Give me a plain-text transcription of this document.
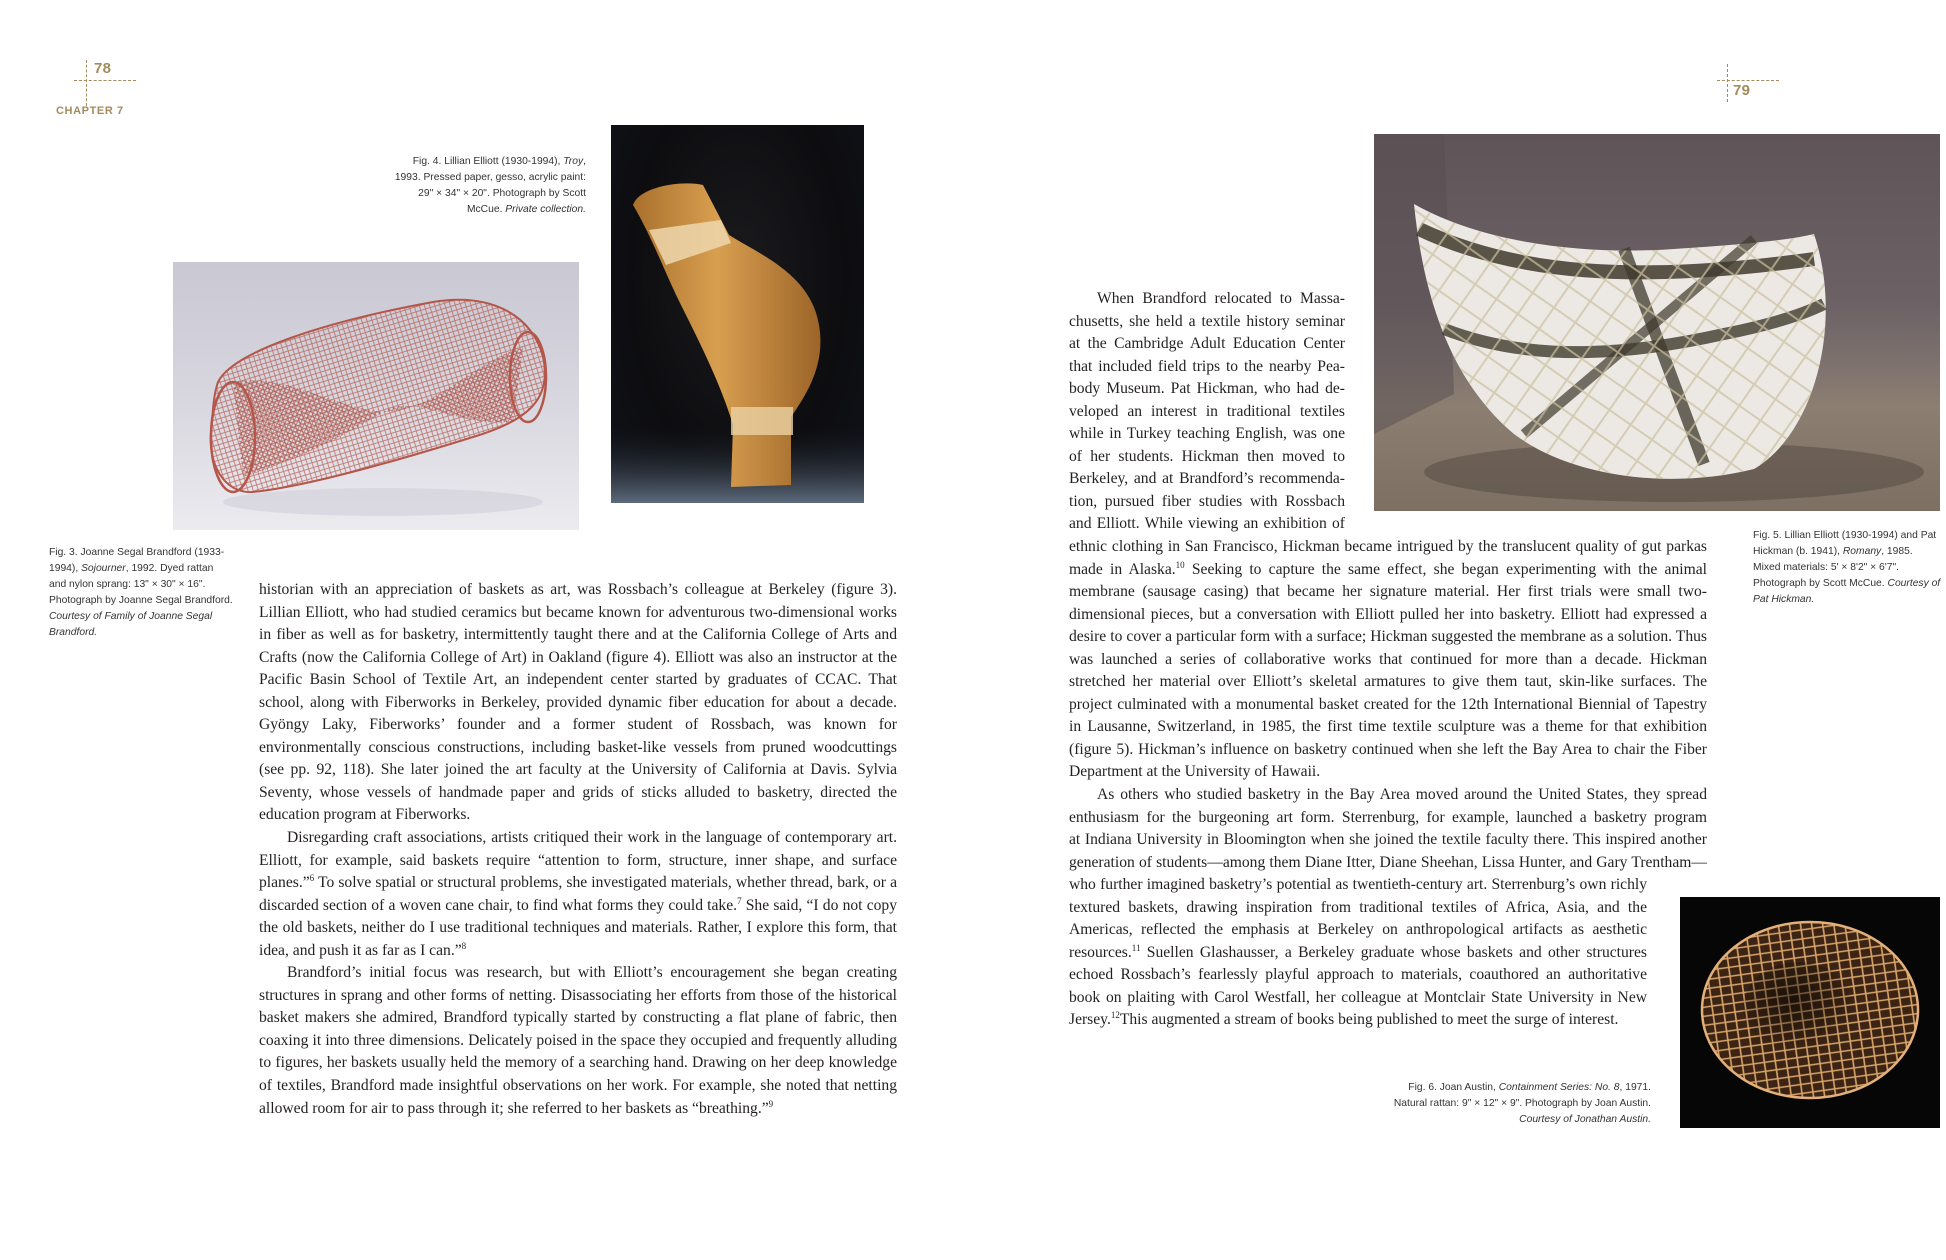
78
CHAPTER 7
Fig. 4. Lillian Elliott (1930-1994), Troy, 1993. Pressed paper, gesso, acrylic paint: 29" × 34" × 20". Photograph by Scott McCue. Private collection.
Fig. 3. Joanne Segal Brandford (1933-1994), Sojourner, 1992. Dyed rattan and nylon sprang: 13" × 30" × 16". Photograph by Joanne Segal Brandford. Courtesy of Family of Joanne Segal Brandford.

historian with an appreciation of baskets as art, was Rossbach’s colleague at Berkeley (figure 3). Lillian Elliott, who had studied ceramics but became known for adventurous two-dimensional works in fiber as well as for basketry, intermittently taught there and at the California College of Arts and Crafts (now the California College of Art) in Oakland (figure 4). Elliott was also an instructor at the Pacific Basin School of Textile Art, an independent center started by graduates of CCAC. That school, along with Fiberworks in Berkeley, provided dynamic fiber education for about a decade. Gyöngy Laky, Fiberworks’ founder and a former student of Rossbach, was known for environmentally conscious constructions, including basket-like vessels from pruned woodcuttings (see pp. 92, 118). She later joined the art faculty at the University of California at Davis. Sylvia Seventy, whose vessels of handmade paper and grids of sticks alluded to basketry, directed the education program at Fiberworks.

Disregarding craft associations, artists critiqued their work in the language of contemporary art. Elliott, for example, said baskets require “attention to form, structure, inner shape, and surface planes.”$^6$ To solve spatial or structural problems, she investigated materials, whether thread, bark, or a discarded section of a woven cane chair, to find what forms they could take.$^7$ She said, “I do not copy the old baskets, neither do I use traditional techniques and materials. Rather, I explore this form, that idea, and push it as far as I can.”$^8$

Brandford’s initial focus was research, but with Elliott’s encouragement she began creating structures in sprang and other forms of netting. Disassociating her efforts from those of the historical basket makers she admired, Brandford typically started by constructing a flat plane of fabric, then coaxing it into three dimensions. Delicately poised in the space they occupied and frequently alluding to figures, her baskets usually held the memory of a searching hand. Drawing on her deep knowledge of textiles, Brandford made insightful observations on her work. For example, she noted that netting allowed room for air to pass through it; she referred to her baskets as “breathing.”$^9$

79
When Brandford relocated to Massa-
chusetts, she held a textile history seminar
at the Cambridge Adult Education Center
that included field trips to the nearby Pea-
body Museum. Pat Hickman, who had de-
veloped an interest in traditional textiles
while in Turkey teaching English, was one
of her students. Hickman then moved to
Berkeley, and at Brandford’s recommenda-
tion, pursued fiber studies with Rossbach
and Elliott. While viewing an exhibition of

ethnic clothing in San Francisco, Hickman became intrigued by the translucent quality of gut parkas made in Alaska.$^{10}$ Seeking to capture the same effect, she began experimenting with the animal membrane (sausage casing) that became her signature material. Her first trials were small two-dimensional pieces, but a conversation with Elliott pulled her into basketry. Elliott had expressed a desire to cover a particular form with a surface; Hickman suggested the membrane as a solution. Thus was launched a series of collaborative works that continued for more than a decade. Hickman stretched her material over Elliott’s skeletal armatures to give them taut, skin-like surfaces. The project culminated with a monumental basket created for the 12th International Biennial of Tapestry in Lausanne, Switzerland, in 1985, the first time textile sculpture was a theme for that exhibition (figure 5). Hickman’s influence on basketry continued when she left the Bay Area to chair the Fiber Department at the University of Hawaii.

As others who studied basketry in the Bay Area moved around the United States, they spread
enthusiasm for the burgeoning art form. Sterrenburg, for example, launched a basketry program
at Indiana University in Bloomington when she joined the textile faculty there. This inspired another
generation of students—among them Diane Itter, Diane Sheehan, Lissa Hunter, and Gary Trentham—

who further imagined basketry’s potential as twentieth-century art. Sterrenburg’s own richly textured baskets, drawing inspiration from traditional textiles of Africa, Asia, and the Americas, reflected the emphasis at Berkeley on anthropological artifacts as aesthetic resources.$^{11}$ Suellen Glashausser, a Berkeley graduate whose baskets and other structures echoed Rossbach’s fearlessly playful approach to materials, coauthored an authoritative book on plaiting with Carol Westfall, her colleague at Montclair State University in New Jersey.$^{12}$This augmented a stream of books being published to meet the surge of interest.

Fig. 5. Lillian Elliott (1930-1994) and Pat Hickman (b. 1941), Romany, 1985. Mixed materials: 5' × 8'2" × 6'7". Photograph by Scott McCue. Courtesy of Pat Hickman.
Fig. 6. Joan Austin, Containment Series: No. 8, 1971. Natural rattan: 9" × 12" × 9". Photograph by Joan Austin. Courtesy of Jonathan Austin.
